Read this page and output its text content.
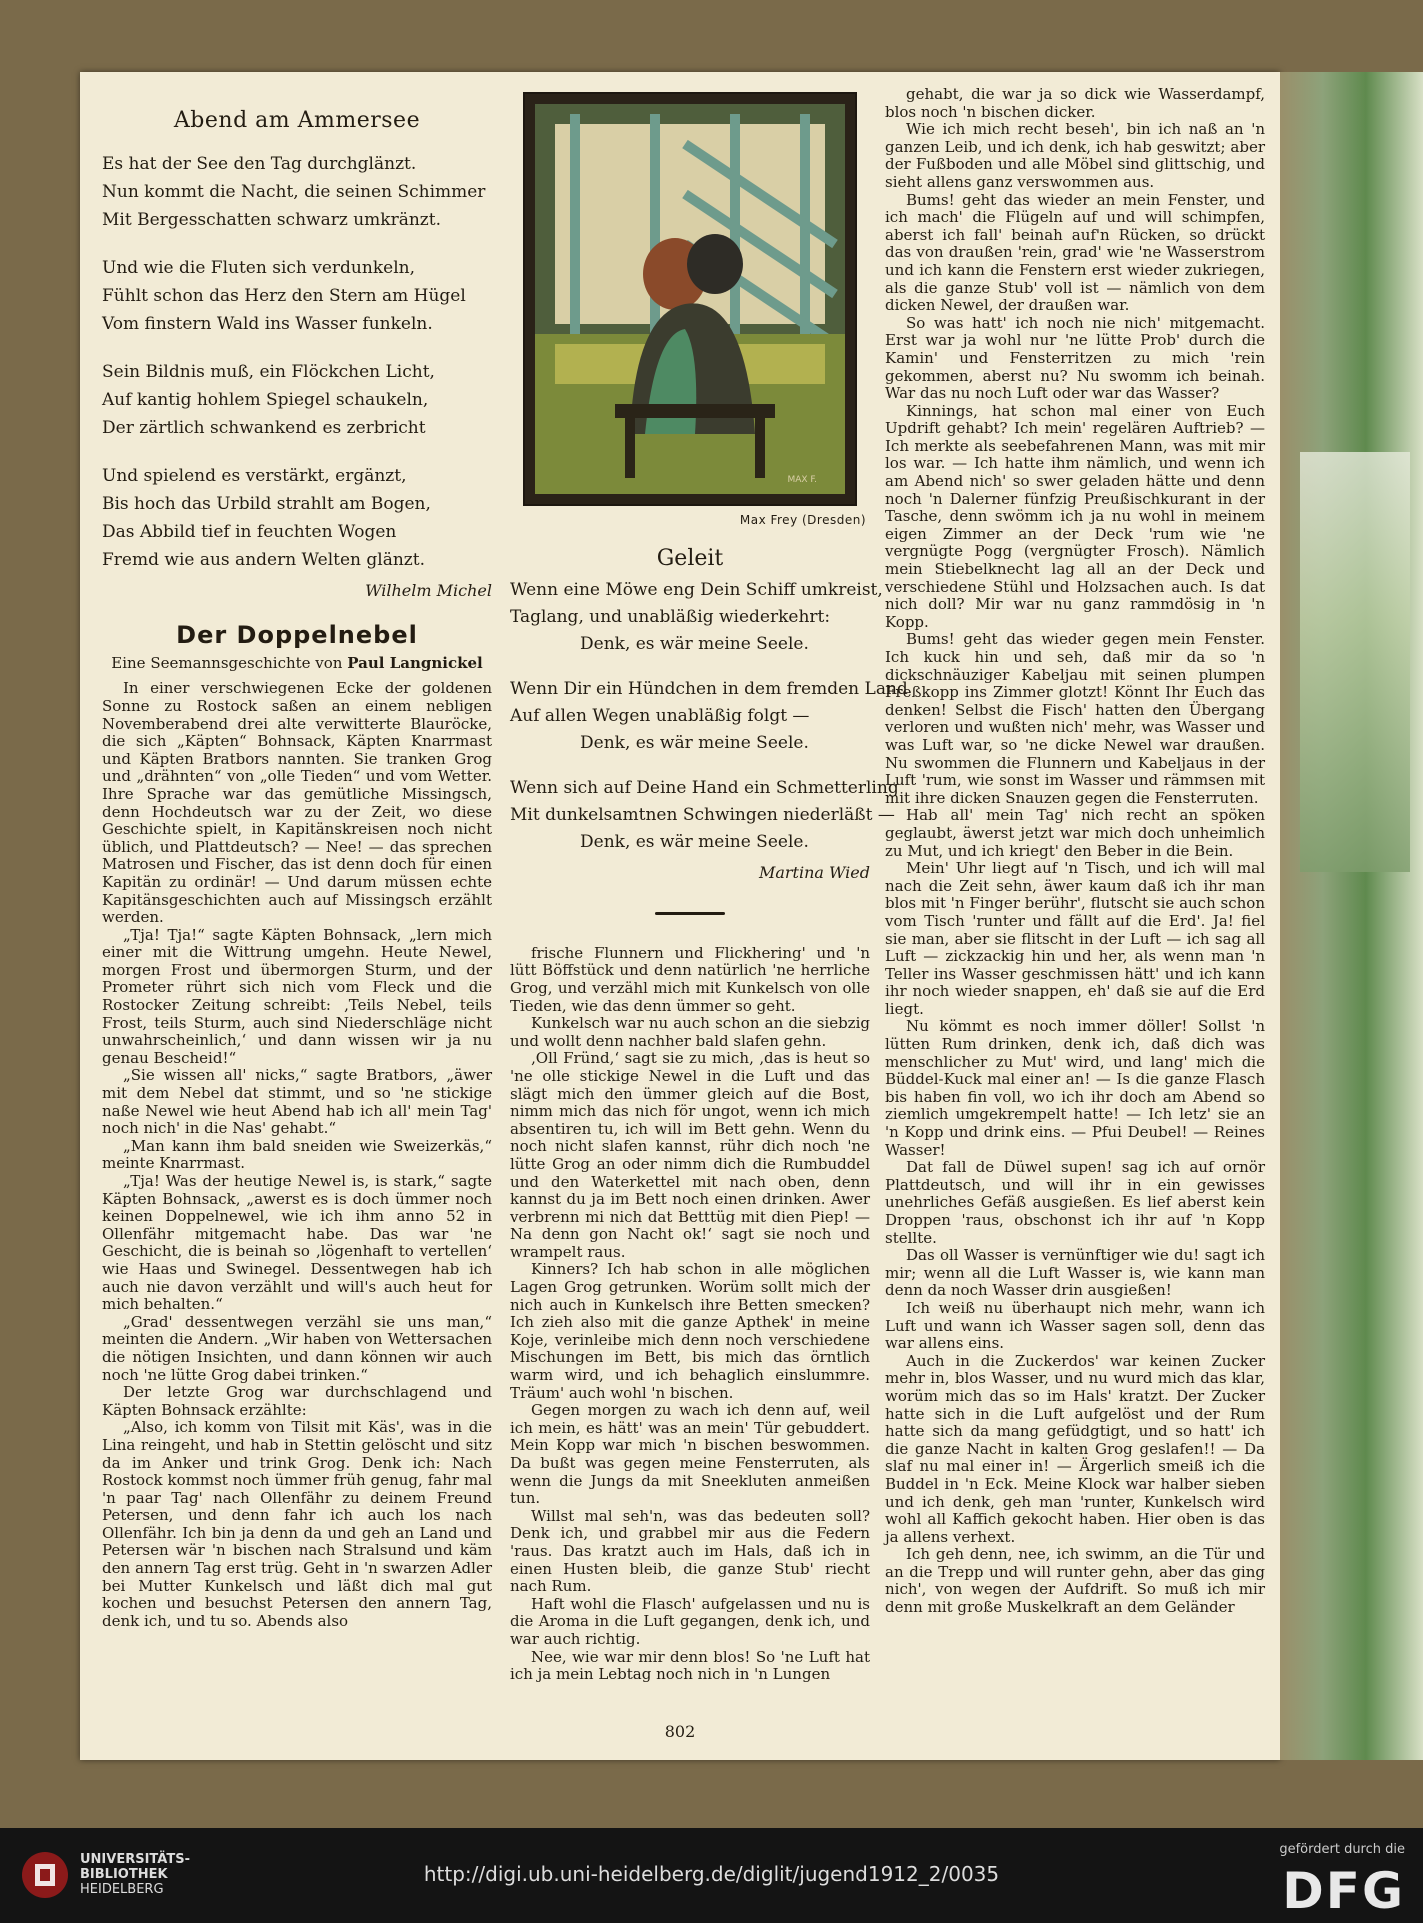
Abend am Ammersee
Es hat der See den Tag durchglänzt.
Nun kommt die Nacht, die seinen Schimmer
Mit Bergesschatten schwarz umkränzt.
Und wie die Fluten sich verdunkeln,
Fühlt schon das Herz den Stern am Hügel
Vom finstern Wald ins Wasser funkeln.
Sein Bildnis muß, ein Flöckchen Licht,
Auf kantig hohlem Spiegel schaukeln,
Der zärtlich schwankend es zerbricht
Und spielend es verstärkt, ergänzt,
Bis hoch das Urbild strahlt am Bogen,
Das Abbild tief in feuchten Wogen
Fremd wie aus andern Welten glänzt.
Wilhelm Michel
Der Doppelnebel
Eine Seemannsgeschichte von Paul Langnickel

In einer verschwiegenen Ecke der goldenen Sonne zu Rostock saßen an einem nebligen Novemberabend drei alte verwitterte Blauröcke, die sich „Käpten“ Bohnsack, Käpten Knarrmast und Käpten Bratbors nannten. Sie tranken Grog und „drähnten“ von „olle Tieden“ und vom Wetter. Ihre Sprache war das gemütliche Missingsch, denn Hochdeutsch war zu der Zeit, wo diese Geschichte spielt, in Kapitänskreisen noch nicht üblich, und Plattdeutsch? — Nee! — das sprechen Matrosen und Fischer, das ist denn doch für einen Kapitän zu ordinär! — Und darum müssen echte Kapitänsgeschichten auch auf Missingsch erzählt werden.

„Tja! Tja!“ sagte Käpten Bohnsack, „lern mich einer mit die Wittrung umgehn. Heute Newel, morgen Frost und übermorgen Sturm, und der Prometer rührt sich nich vom Fleck und die Rostocker Zeitung schreibt: ‚Teils Nebel, teils Frost, teils Sturm, auch sind Niederschläge nicht unwahrscheinlich,‘ und dann wissen wir ja nu genau Bescheid!“

„Sie wissen all' nicks,“ sagte Bratbors, „äwer mit dem Nebel dat stimmt, und so 'ne stickige naße Newel wie heut Abend hab ich all' mein Tag' noch nich' in die Nas' gehabt.“

„Man kann ihm bald sneiden wie Sweizerkäs,“ meinte Knarrmast.

„Tja! Was der heutige Newel is, is stark,“ sagte Käpten Bohnsack, „awerst es is doch ümmer noch keinen Doppelnewel, wie ich ihm anno 52 in Ollenfähr mitgemacht habe. Das war 'ne Geschicht, die is beinah so ‚lögenhaft to vertellen‘ wie Haas und Swinegel. Dessentwegen hab ich auch nie davon verzählt und will's auch heut for mich behalten.“

„Grad' dessentwegen verzähl sie uns man,“ meinten die Andern. „Wir haben von Wettersachen die nötigen Insichten, und dann können wir auch noch 'ne lütte Grog dabei trinken.“

Der letzte Grog war durchschlagend und Käpten Bohnsack erzählte:

„Also, ich komm von Tilsit mit Käs', was in die Lina reingeht, und hab in Stettin gelöscht und sitz da im Anker und trink Grog. Denk ich: Nach Rostock kommst noch ümmer früh genug, fahr mal 'n paar Tag' nach Ollenfähr zu deinem Freund Petersen, und denn fahr ich auch los nach Ollenfähr. Ich bin ja denn da und geh an Land und Petersen wär 'n bischen nach Stralsund und käm den annern Tag erst trüg. Geht in 'n swarzen Adler bei Mutter Kunkelsch und läßt dich mal gut kochen und besuchst Petersen den annern Tag, denk ich, und tu so. Abends also

MAX F.
Max Frey (Dresden)
Geleit
Wenn eine Möwe eng Dein Schiff umkreist,
Taglang, und unabläßig wiederkehrt:
Denk, es wär meine Seele.
Wenn Dir ein Hündchen in dem fremden Land
Auf allen Wegen unabläßig folgt —
Denk, es wär meine Seele.
Wenn sich auf Deine Hand ein Schmetterling
Mit dunkelsamtnen Schwingen niederläßt —
Denk, es wär meine Seele.
Martina Wied

frische Flunnern und Flickhering' und 'n lütt Böffstück und denn natürlich 'ne herrliche Grog, und verzähl mich mit Kunkelsch von olle Tieden, wie das denn ümmer so geht.

Kunkelsch war nu auch schon an die siebzig und wollt denn nachher bald slafen gehn.

‚Oll Fründ,‘ sagt sie zu mich, ‚das is heut so 'ne olle stickige Newel in die Luft und das slägt mich den ümmer gleich auf die Bost, nimm mich das nich för ungot, wenn ich mich absentiren tu, ich will im Bett gehn. Wenn du noch nicht slafen kannst, rühr dich noch 'ne lütte Grog an oder nimm dich die Rumbuddel und den Waterkettel mit nach oben, denn kannst du ja im Bett noch einen drinken. Awer verbrenn mi nich dat Betttüg mit dien Piep! — Na denn gon Nacht ok!‘ sagt sie noch und wrampelt raus.

Kinners? Ich hab schon in alle möglichen Lagen Grog getrunken. Worüm sollt mich der nich auch in Kunkelsch ihre Betten smecken? Ich zieh also mit die ganze Apthek' in meine Koje, verinleibe mich denn noch verschiedene Mischungen im Bett, bis mich das örntlich warm wird, und ich behaglich einslummre. Träum' auch wohl 'n bischen.

Gegen morgen zu wach ich denn auf, weil ich mein, es hätt' was an mein' Tür gebuddert. Mein Kopp war mich 'n bischen beswommen. Da bußt was gegen meine Fensterruten, als wenn die Jungs da mit Sneekluten anmeißen tun.

Willst mal seh'n, was das bedeuten soll? Denk ich, und grabbel mir aus die Federn 'raus. Das kratzt auch im Hals, daß ich in einen Husten bleib, die ganze Stub' riecht nach Rum.

Haft wohl die Flasch' aufgelassen und nu is die Aroma in die Luft gegangen, denk ich, und war auch richtig.

Nee, wie war mir denn blos! So 'ne Luft hat ich ja mein Lebtag noch nich in 'n Lungen

gehabt, die war ja so dick wie Wasserdampf, blos noch 'n bischen dicker.

Wie ich mich recht beseh', bin ich naß an 'n ganzen Leib, und ich denk, ich hab geswitzt; aber der Fußboden und alle Möbel sind glittschig, und sieht allens ganz verswommen aus.

Bums! geht das wieder an mein Fenster, und ich mach' die Flügeln auf und will schimpfen, aberst ich fall' beinah auf'n Rücken, so drückt das von draußen 'rein, grad' wie 'ne Wasserstrom und ich kann die Fenstern erst wieder zukriegen, als die ganze Stub' voll ist — nämlich von dem dicken Newel, der draußen war.

So was hatt' ich noch nie nich' mitgemacht. Erst war ja wohl nur 'ne lütte Prob' durch die Kamin' und Fensterritzen zu mich 'rein gekommen, aberst nu? Nu swomm ich beinah. War das nu noch Luft oder war das Wasser?

Kinnings, hat schon mal einer von Euch Updrift gehabt? Ich mein' regelären Auftrieb? — Ich merkte als seebefahrenen Mann, was mit mir los war. — Ich hatte ihm nämlich, und wenn ich am Abend nich' so swer geladen hätte und denn noch 'n Dalerner fünfzig Preußischkurant in der Tasche, denn swömm ich ja nu wohl in meinem eigen Zimmer an der Deck 'rum wie 'ne vergnügte Pogg (vergnügter Frosch). Nämlich mein Stiebelknecht lag all an der Deck und verschiedene Stühl und Holzsachen auch. Is dat nich doll? Mir war nu ganz rammdösig in 'n Kopp.

Bums! geht das wieder gegen mein Fenster. Ich kuck hin und seh, daß mir da so 'n dickschnäuziger Kabeljau mit seinen plumpen Freßkopp ins Zimmer glotzt! Könnt Ihr Euch das denken! Selbst die Fisch' hatten den Übergang verloren und wußten nich' mehr, was Wasser und was Luft war, so 'ne dicke Newel war draußen. Nu swommen die Flunnern und Kabeljaus in der Luft 'rum, wie sonst im Wasser und rämmsen mit mit ihre dicken Snauzen gegen die Fensterruten.

Hab all' mein Tag' nich recht an spöken geglaubt, äwerst jetzt war mich doch unheimlich zu Mut, und ich kriegt' den Beber in die Bein.

Mein' Uhr liegt auf 'n Tisch, und ich will mal nach die Zeit sehn, äwer kaum daß ich ihr man blos mit 'n Finger berühr', flutscht sie auch schon vom Tisch 'runter und fällt auf die Erd'. Ja! fiel sie man, aber sie flitscht in der Luft — ich sag all Luft — zickzackig hin und her, als wenn man 'n Teller ins Wasser geschmissen hätt' und ich kann ihr noch wieder snappen, eh' daß sie auf die Erd liegt.

Nu kömmt es noch immer döller! Sollst 'n lütten Rum drinken, denk ich, daß dich was menschlicher zu Mut' wird, und lang' mich die Büddel-Kuck mal einer an! — Is die ganze Flasch bis haben fin voll, wo ich ihr doch am Abend so ziemlich umgekrempelt hatte! — Ich letz' sie an 'n Kopp und drink eins. — Pfui Deubel! — Reines Wasser!

Dat fall de Düwel supen! sag ich auf ornör Plattdeutsch, und will ihr in ein gewisses unehrliches Gefäß ausgießen. Es lief aberst kein Droppen 'raus, obschonst ich ihr auf 'n Kopp stellte.

Das oll Wasser is vernünftiger wie du! sagt ich mir; wenn all die Luft Wasser is, wie kann man denn da noch Wasser drin ausgießen!

Ich weiß nu überhaupt nich mehr, wann ich Luft und wann ich Wasser sagen soll, denn das war allens eins.

Auch in die Zuckerdos' war keinen Zucker mehr in, blos Wasser, und nu wurd mich das klar, worüm mich das so im Hals' kratzt. Der Zucker hatte sich in die Luft aufgelöst und der Rum hatte sich da mang gefüdgtigt, und so hatt' ich die ganze Nacht in kalten Grog geslafen!! — Da slaf nu mal einer in! — Ärgerlich smeiß ich die Buddel in 'n Eck. Meine Klock war halber sieben und ich denk, geh man 'runter, Kunkelsch wird wohl all Kaffich gekocht haben. Hier oben is das ja allens verhext.

Ich geh denn, nee, ich swimm, an die Tür und an die Trepp und will runter gehn, aber das ging nich', von wegen der Aufdrift. So muß ich mir denn mit große Muskelkraft an dem Geländer

802
UNIVERSITÄTS-
BIBLIOTHEK
HEIDELBERG
http://digi.ub.uni-heidelberg.de/diglit/jugend1912_2/0035
gefördert durch die
DFG
